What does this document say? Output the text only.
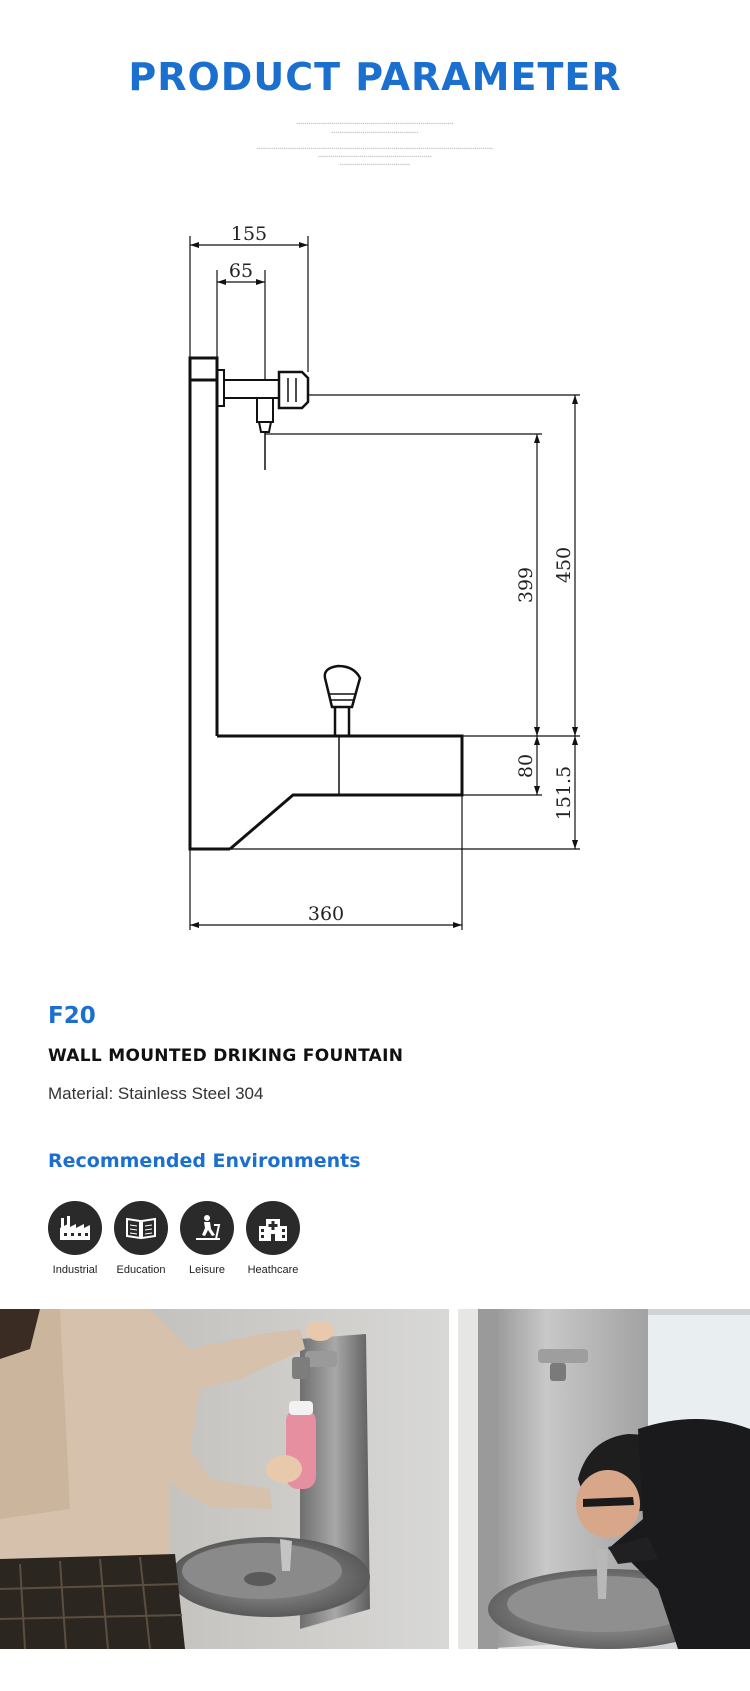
PRODUCT PARAMETER
▪▪▪▪▪▪▪▪▪▪▪▪▪▪▪▪▪▪▪▪▪▪▪▪▪▪▪▪▪▪▪▪▪▪▪▪▪▪▪▪▪▪▪▪▪▪▪▪▪▪▪▪▪▪▪▪▪▪▪▪▪▪▪▪▪▪▪▪▪▪▪▪▪▪▪▪
▪▪▪▪▪▪▪▪▪▪▪▪▪▪▪▪▪▪▪▪▪▪▪▪▪▪▪▪▪▪▪▪▪▪▪▪▪▪▪▪▪▪
▪▪▪▪▪▪▪▪▪▪▪▪▪▪▪▪▪▪▪▪▪▪▪▪▪▪▪▪▪▪▪▪▪▪▪▪▪▪▪▪▪▪▪▪▪▪▪▪▪▪▪▪▪▪▪▪▪▪▪▪▪▪▪▪▪▪▪▪▪▪▪▪▪▪▪▪▪▪▪▪▪▪▪▪▪▪▪▪▪▪▪▪▪▪▪▪▪▪▪▪▪▪▪▪▪▪▪▪▪▪▪▪▪▪
▪▪▪▪▪▪▪▪▪▪▪▪▪▪▪▪▪▪▪▪▪▪▪▪▪▪▪▪▪▪▪▪▪▪▪▪▪▪▪▪▪▪▪▪▪▪▪▪▪▪▪▪▪▪▪
▪▪▪▪▪▪▪▪▪▪▪▪▪▪▪▪▪▪▪▪▪▪▪▪▪▪▪▪▪▪▪▪▪▪
155
65
399
450
80 151.5
360
F20
WALL MOUNTED DRIKING FOUNTAIN
Material: Stainless Steel 304
Recommended Environments
Industrial Education Leisure Heathcare
